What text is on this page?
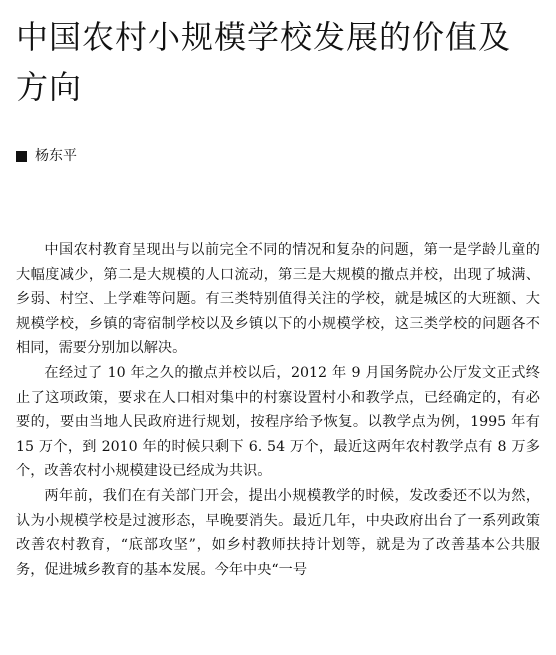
中国农村小规模学校发展的价值及方向
杨东平

中国农村教育呈现出与以前完全不同的情况和复杂的问题，第一是学龄儿童的大幅度减少，第二是大规模的人口流动，第三是大规模的撤点并校，出现了城满、乡弱、村空、上学难等问题。有三类特别值得关注的学校，就是城区的大班额、大规模学校，乡镇的寄宿制学校以及乡镇以下的小规模学校，这三类学校的问题各不相同，需要分别加以解决。

在经过了 10 年之久的撤点并校以后，2012 年 9 月国务院办公厅发文正式终止了这项政策，要求在人口相对集中的村寨设置村小和教学点，已经确定的，有必要的，要由当地人民政府进行规划，按程序给予恢复。以教学点为例，1995 年有 15 万个，到 2010 年的时候只剩下 6. 54 万个，最近这两年农村教学点有 8 万多个，改善农村小规模建设已经成为共识。

两年前，我们在有关部门开会，提出小规模教学的时候，发改委还不以为然，认为小规模学校是过渡形态，早晚要消失。最近几年，中央政府出台了一系列政策改善农村教育，“底部攻坚”，如乡村教师扶持计划等，就是为了改善基本公共服务，促进城乡教育的基本发展。今年中央“一号
